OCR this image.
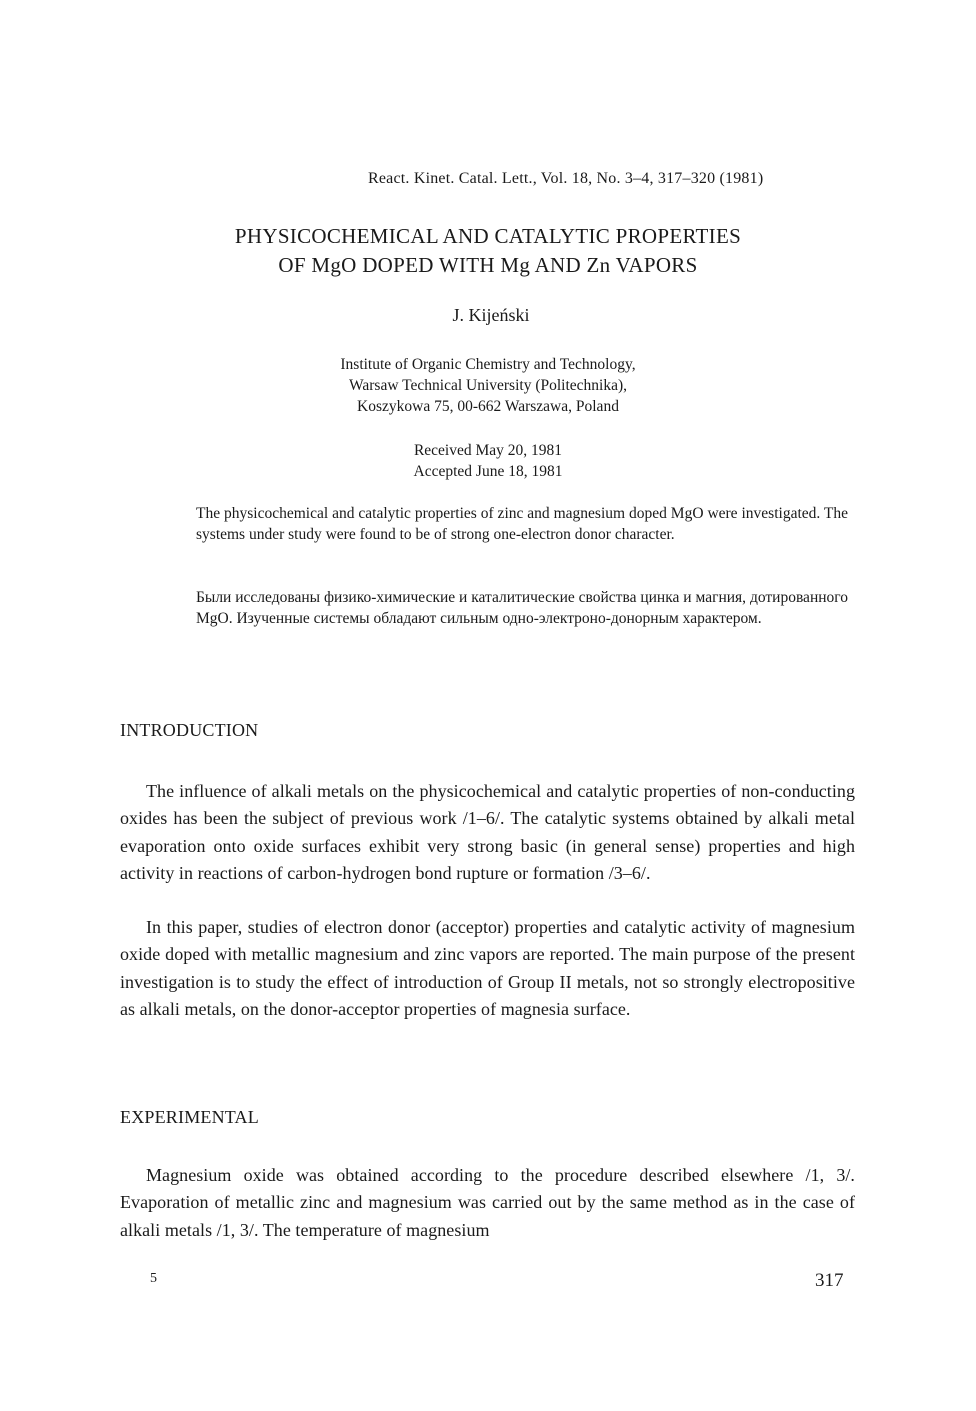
React. Kinet. Catal. Lett., Vol. 18, No. 3–4, 317–320 (1981)
PHYSICOCHEMICAL AND CATALYTIC PROPERTIES
OF MgO DOPED WITH Mg AND Zn VAPORS
J. Kijeński
Institute of Organic Chemistry and Technology,
Warsaw Technical University (Politechnika),
Koszykowa 75, 00-662 Warszawa, Poland
Received May 20, 1981
Accepted June 18, 1981

The physicochemical and catalytic properties of zinc and magnesium doped MgO were investigated. The systems under study were found to be of strong one-electron donor character.

Были исследованы физико-химические и каталитические свойства цинка и магния, дотированного MgO. Изученные системы обладают сильным одно-электроно-донорным характером.

INTRODUCTION

The influence of alkali metals on the physicochemical and catalytic properties of non-conducting oxides has been the subject of previous work /1–6/. The catalytic systems obtained by alkali metal evaporation onto oxide surfaces exhibit very strong basic (in general sense) properties and high activity in reactions of carbon-hydrogen bond rupture or formation /3–6/.

In this paper, studies of electron donor (acceptor) properties and catalytic activity of magnesium oxide doped with metallic magnesium and zinc vapors are reported. The main purpose of the present investigation is to study the effect of introduction of Group II metals, not so strongly electropositive as alkali metals, on the donor-acceptor properties of magnesia surface.

EXPERIMENTAL

Magnesium oxide was obtained according to the procedure described elsewhere /1, 3/. Evaporation of metallic zinc and magnesium was carried out by the same method as in the case of alkali metals /1, 3/. The temperature of magnesium

5	317
